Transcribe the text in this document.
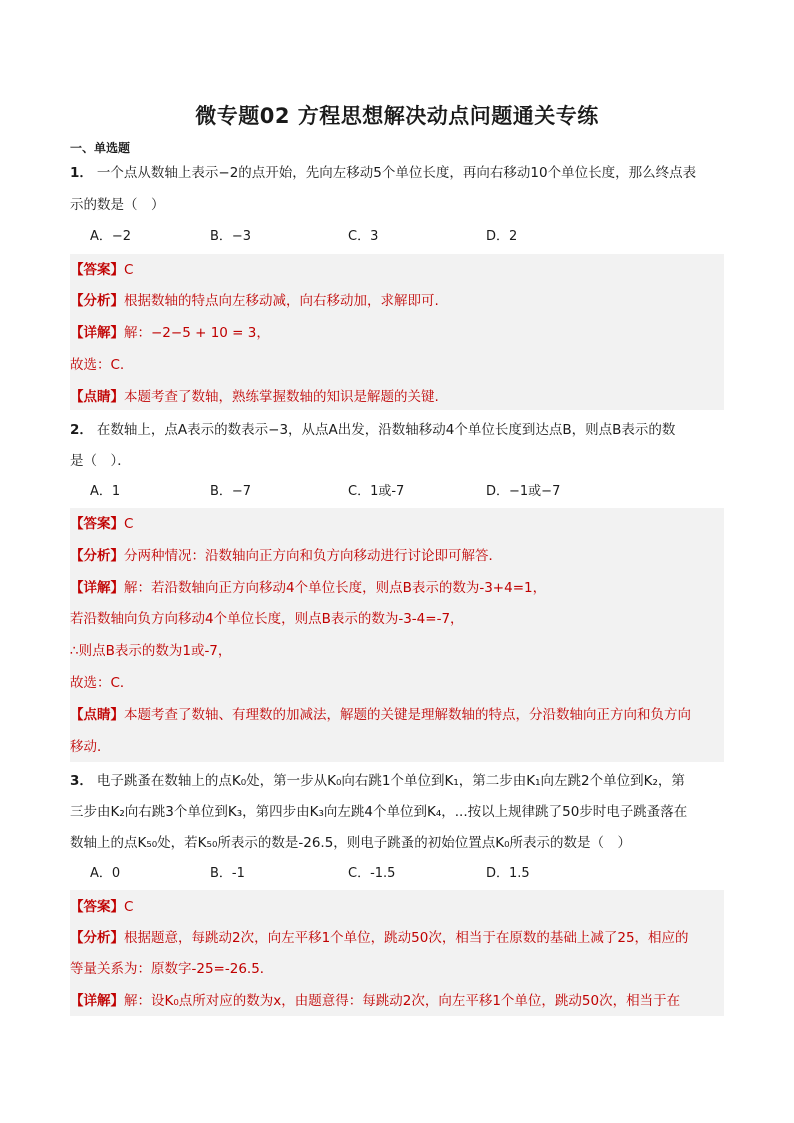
微专题02 方程思想解决动点问题通关专练
一、单选题
1． 一个点从数轴上表示−2的点开始，先向左移动5个单位长度，再向右移动10个单位长度，那么终点表
示的数是（　）
A．−2	B．−3	C．3	D．2
【答案】C
【分析】根据数轴的特点向左移动减，向右移动加，求解即可.
【详解】解：−2−5 + 10 = 3，
故选：C.
【点睛】本题考查了数轴，熟练掌握数轴的知识是解题的关键.
2． 在数轴上，点A表示的数表示−3，从点A出发，沿数轴移动4个单位长度到达点B，则点B表示的数
是（　）．
A．1	B．−7	C．1或-7	D．−1或−7
【答案】C
【分析】分两种情况：沿数轴向正方向和负方向移动进行讨论即可解答．
【详解】解：若沿数轴向正方向移动4个单位长度，则点B表示的数为-3+4=1，
若沿数轴向负方向移动4个单位长度，则点B表示的数为-3-4=-7，
∴则点B表示的数为1或-7，
故选：C．
【点睛】本题考查了数轴、有理数的加减法，解题的关键是理解数轴的特点，分沿数轴向正方向和负方向
移动．
3． 电子跳蚤在数轴上的点K₀处，第一步从K₀向右跳1个单位到K₁，第二步由K₁向左跳2个单位到K₂，第
三步由K₂向右跳3个单位到K₃，第四步由K₃向左跳4个单位到K₄，...按以上规律跳了50步时电子跳蚤落在
数轴上的点K₅₀处，若K₅₀所表示的数是-26.5，则电子跳蚤的初始位置点K₀所表示的数是（　）
A．0	B．-1	C．-1.5	D．1.5
【答案】C
【分析】根据题意，每跳动2次，向左平移1个单位，跳动50次，相当于在原数的基础上减了25，相应的
等量关系为：原数字-25=-26.5．
【详解】解：设K₀点所对应的数为x，由题意得：每跳动2次，向左平移1个单位，跳动50次，相当于在
